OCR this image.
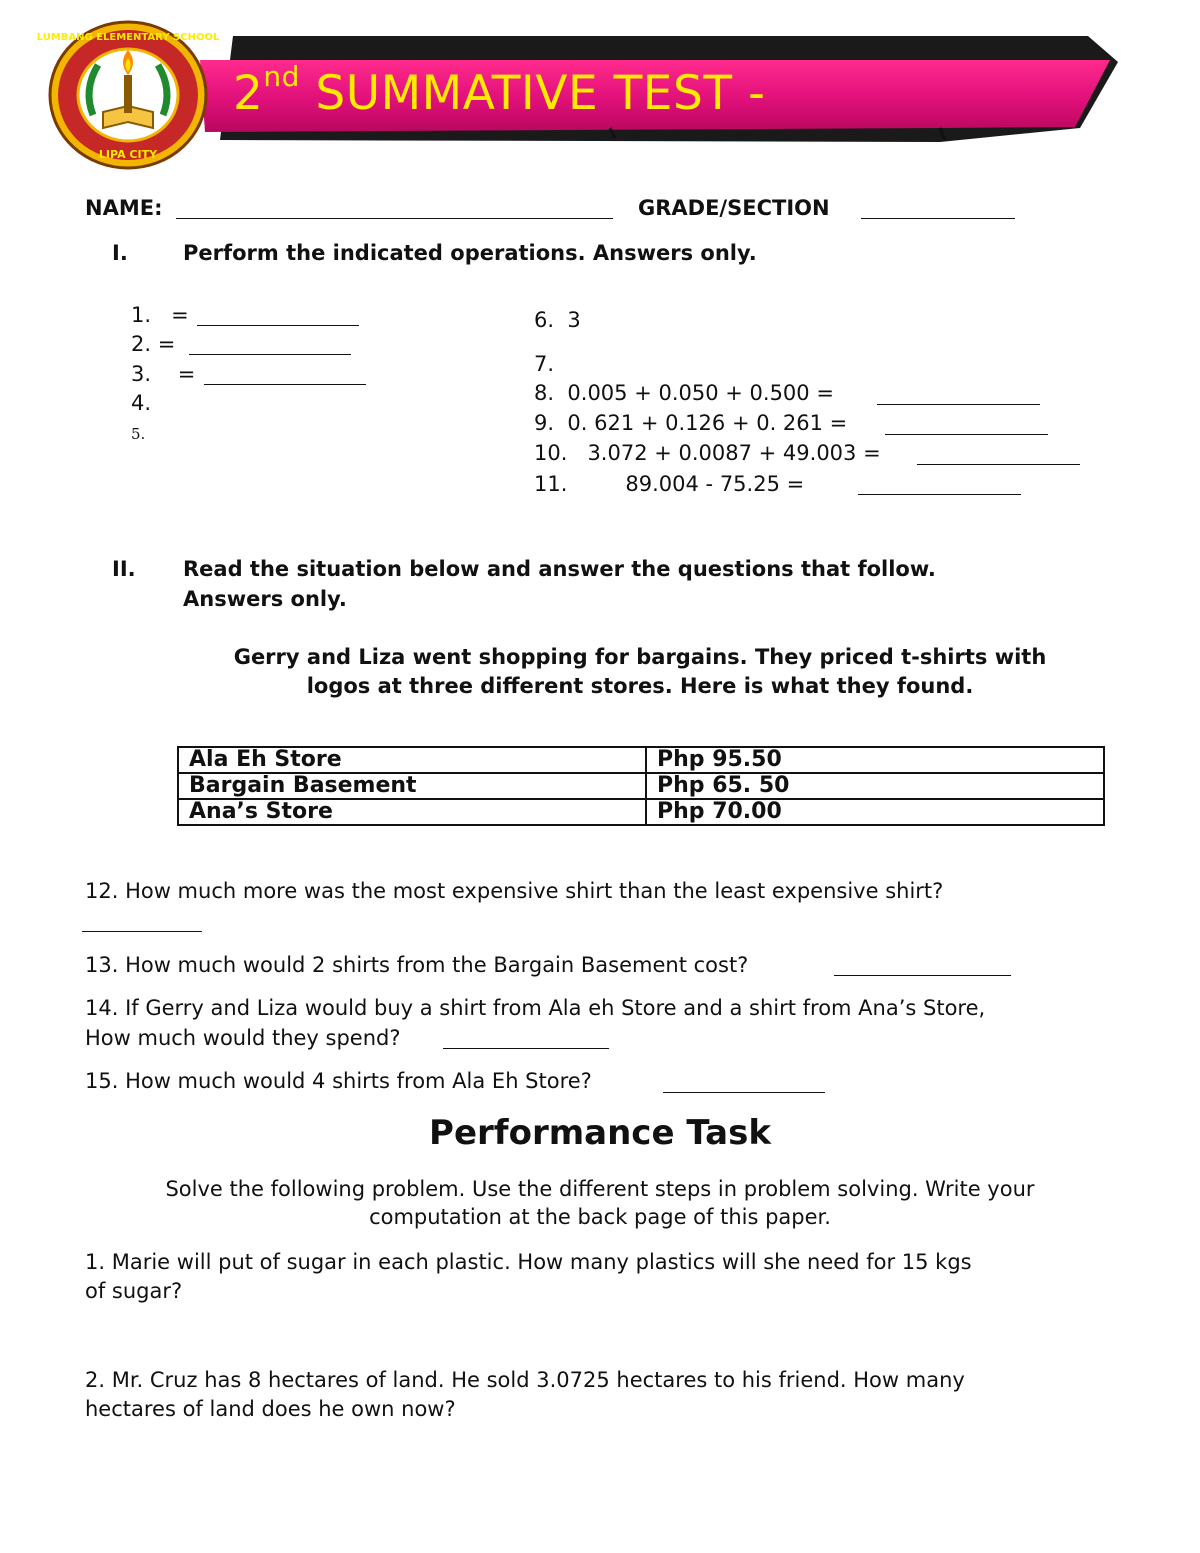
LUMBANG ELEMENTARY SCHOOL
LIPA CITY
2nd SUMMATIVE TEST -
NAME:	GRADE/SECTION
I.	Perform the indicated operations. Answers only.
1. =
2. =
3. =
4.
5.
6. 3
7.
8. 0.005 + 0.050 + 0.500 =
9. 0. 621 + 0.126 + 0. 261 =
10. 3.072 + 0.0087 + 49.003 =
11.	89.004 - 75.25 =
II. Read the situation below and answer the questions that follow.
Answers only.
Gerry and Liza went shopping for bargains. They priced t-shirts with
logos at three different stores. Here is what they found.
Ala Eh Store	Php 95.50
Bargain Basement	Php 65. 50
Ana’s Store	Php 70.00
12. How much more was the most expensive shirt than the least expensive shirt?
13. How much would 2 shirts from the Bargain Basement cost?
14. If Gerry and Liza would buy a shirt from Ala eh Store and a shirt from Ana’s Store,
How much would they spend?
15. How much would 4 shirts from Ala Eh Store?
Performance Task
Solve the following problem. Use the different steps in problem solving. Write your
computation at the back page of this paper.
1. Marie will put of sugar in each plastic. How many plastics will she need for 15 kgs
of sugar?
2. Mr. Cruz has 8 hectares of land. He sold 3.0725 hectares to his friend. How many
hectares of land does he own now?
